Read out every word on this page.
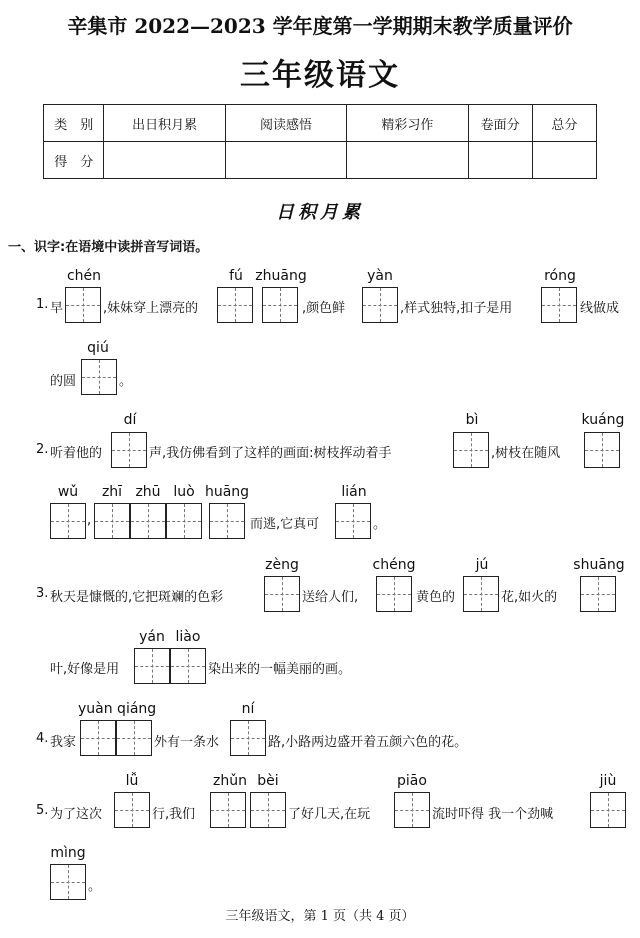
辛集市 2022—2023 学年度第一学期期末教学质量评价
三年级语文
类　别	出日积月累	阅读感悟	精彩习作	卷面分	总分
得　分					
日积月累
一、识字:在语境中读拼音写词语。
chén	fú zhuāng	yàn	róng
1. 早	,妹妹穿上漂亮的	,颜色鲜	,样式独特,扣子是用	线做成
qiú
的圆	。
dí	bì	kuáng
2. 听着他的	声,我仿佛看到了这样的画面:树枝挥动着手	,树枝在随风
wǔ	zhī zhū luò huāng	lián
,	而逃,它真可	。
zèng	chéng	jú	shuāng
3. 秋天是慷慨的,它把斑斓的色彩	送给人们,	黄色的	花,如火的
yán liào
叶,好像是用	染出来的一幅美丽的画。
yuàn qiáng	ní
4. 我家	外有一条水	路,小路两边盛开着五颜六色的花。
lǚ	zhǔn bèi	piāo	jiù
5. 为了这次	行,我们	了好几天,在玩	流时吓得 我一个劲喊
mìng
。
三年级语文，第 1 页（共 4 页）
